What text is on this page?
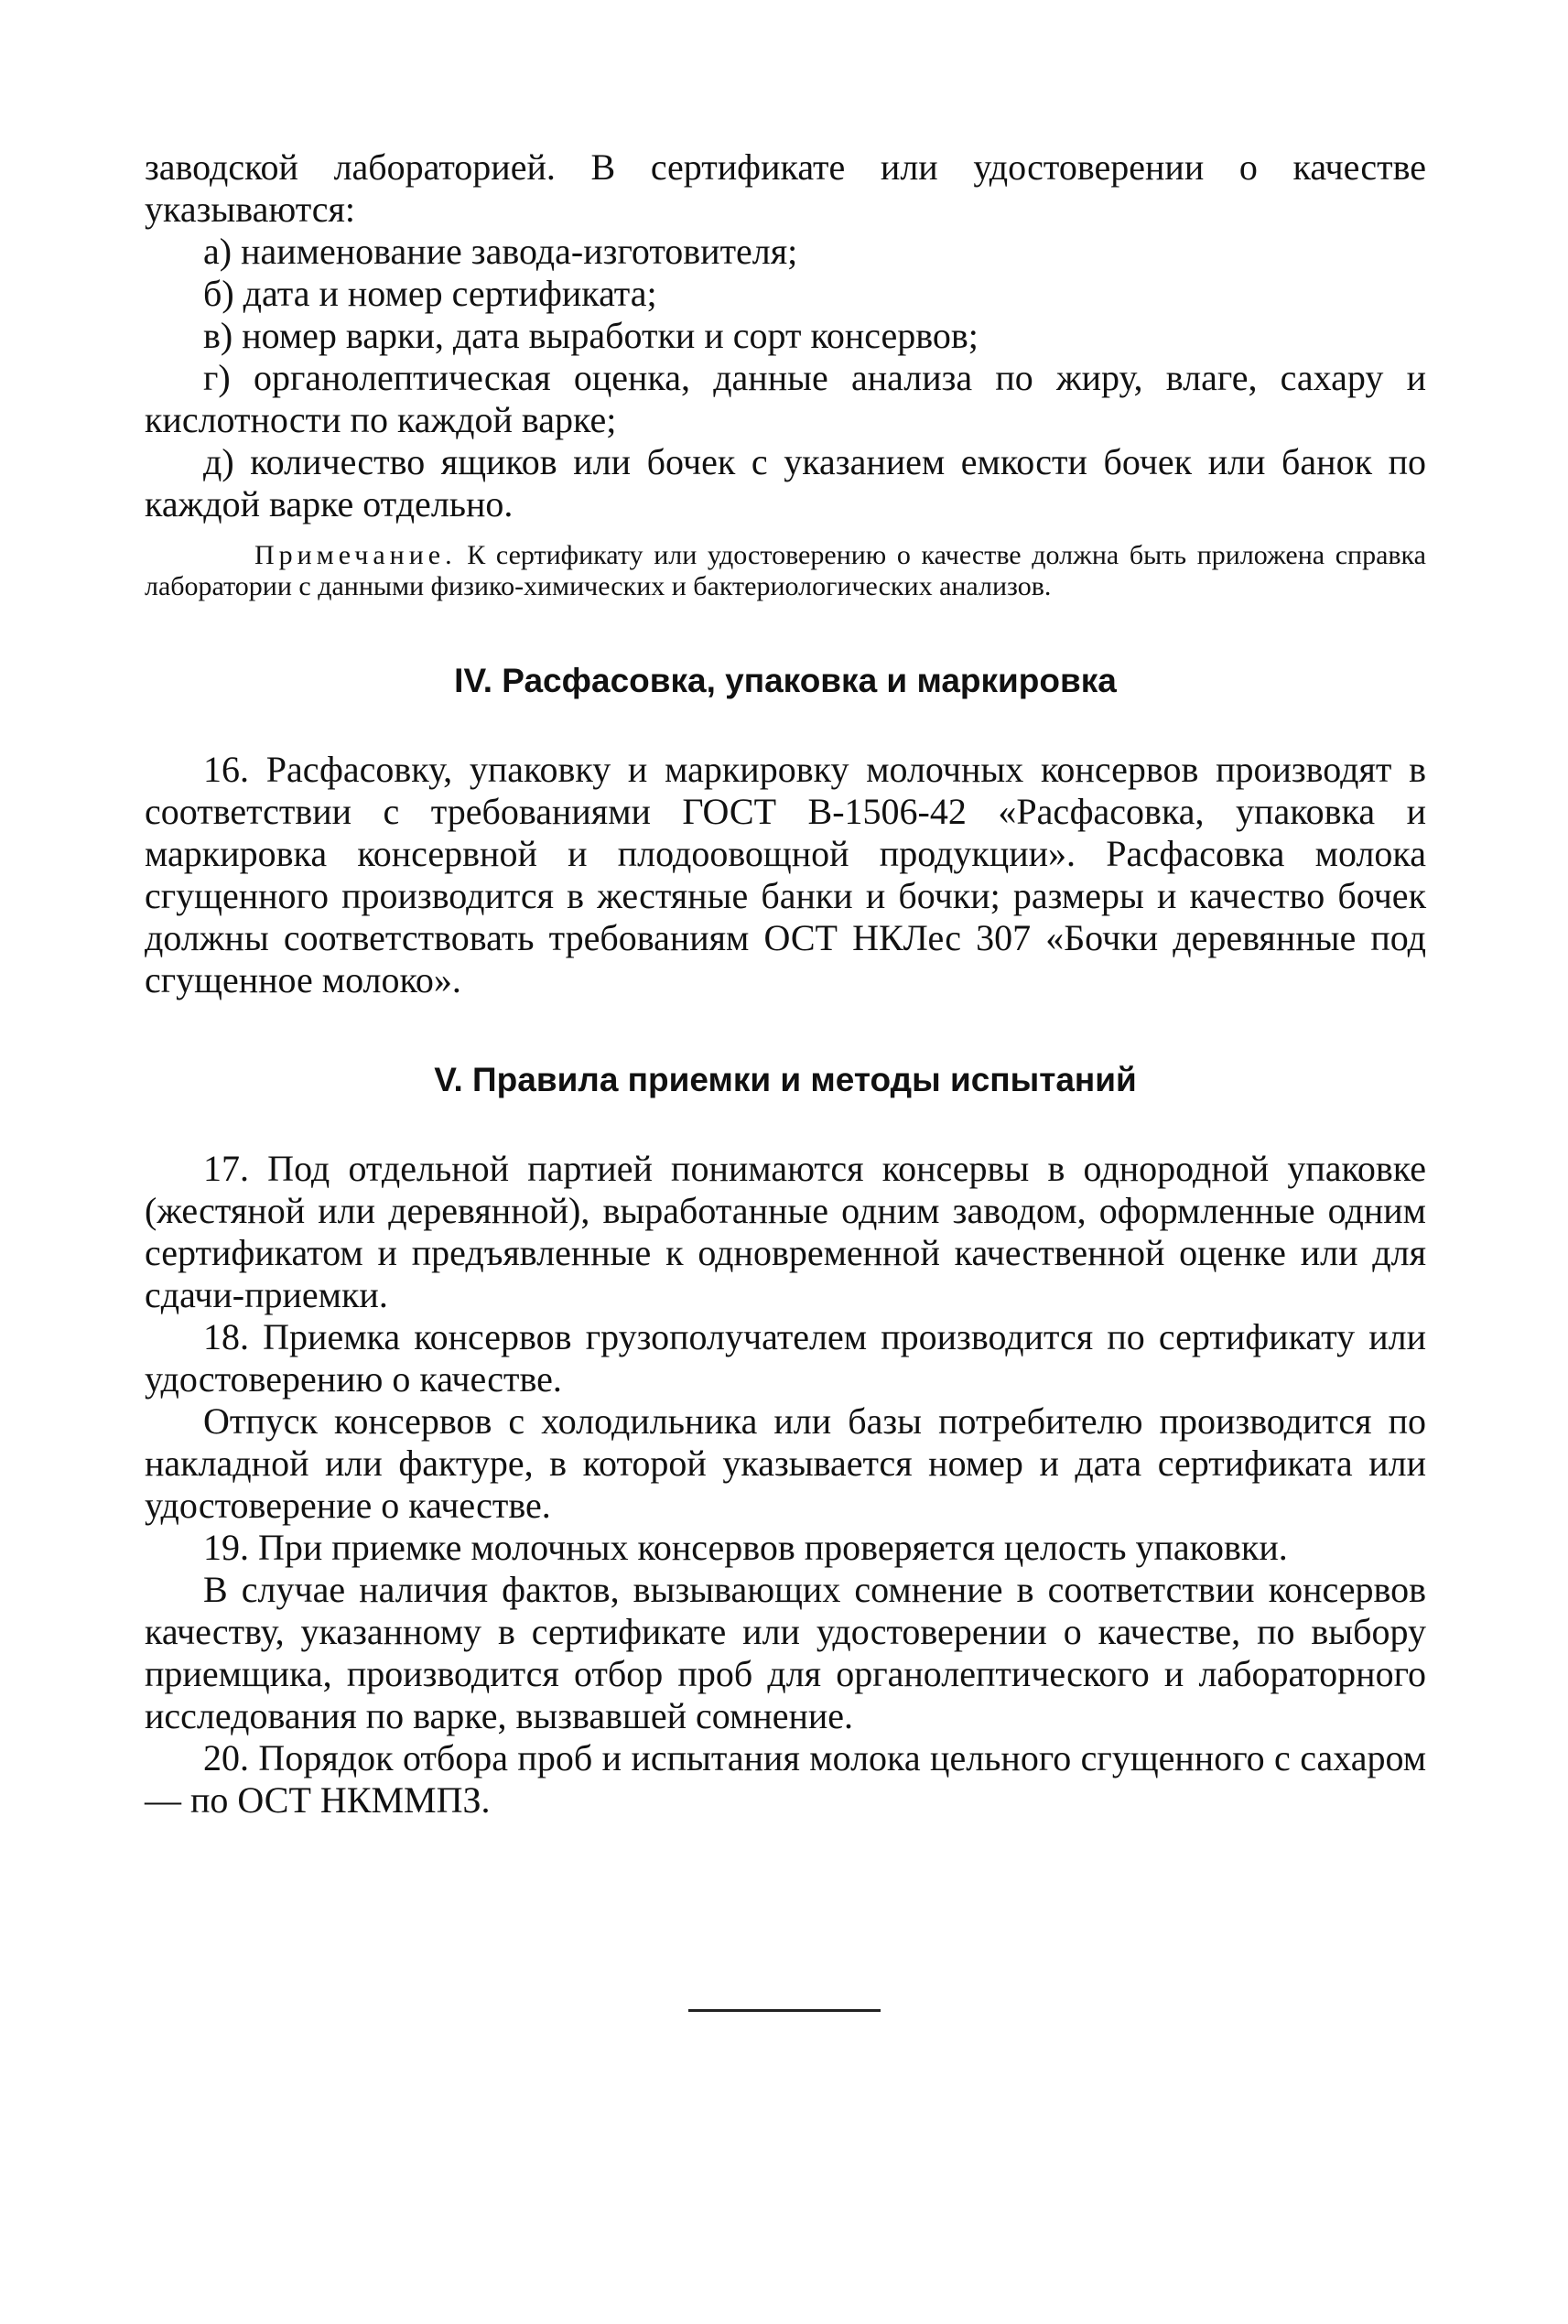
заводской лабораторией. В сертификате или удостоверении о качестве указываются:

а) наименование завода-изготовителя;

б) дата и номер сертификата;

в) номер варки, дата выработки и сорт консервов;

г) органолептическая оценка, данные анализа по жиру, влаге, сахару и кислотности по каждой варке;

д) количество ящиков или бочек с указанием емкости бочек или банок по каждой варке отдельно.

Примечание. К сертификату или удостоверению о качестве должна быть приложена справка лаборатории с данными физико-химических и бактериологических анализов.

IV. Расфасовка, упаковка и маркировка

16. Расфасовку, упаковку и маркировку молочных консервов производят в соответствии с требованиями ГОСТ В-1506-42 «Расфасовка, упаковка и маркировка консервной и плодоовощной продукции». Расфасовка молока сгущенного производится в жестяные банки и бочки; размеры и качество бочек должны соответствовать требованиям ОСТ НКЛес 307 «Бочки деревянные под сгущенное молоко».

V. Правила приемки и методы испытаний

17. Под отдельной партией понимаются консервы в однородной упаковке (жестяной или деревянной), выработанные одним заводом, оформленные одним сертификатом и предъявленные к одновременной качественной оценке или для сдачи-приемки.

18. Приемка консервов грузополучателем производится по сертификату или удостоверению о качестве.

Отпуск консервов с холодильника или базы потребителю производится по накладной или фактуре, в которой указывается номер и дата сертификата или удостоверение о качестве.

19. При приемке молочных консервов проверяется целость упаковки.

В случае наличия фактов, вызывающих сомнение в соответствии консервов качеству, указанному в сертификате или удостоверении о качестве, по выбору приемщика, производится отбор проб для органолептического и лабораторного исследования по варке, вызвавшей сомнение.

20. Порядок отбора проб и испытания молока цельного сгущенного с сахаром — по ОСТ НКММПЗ.
